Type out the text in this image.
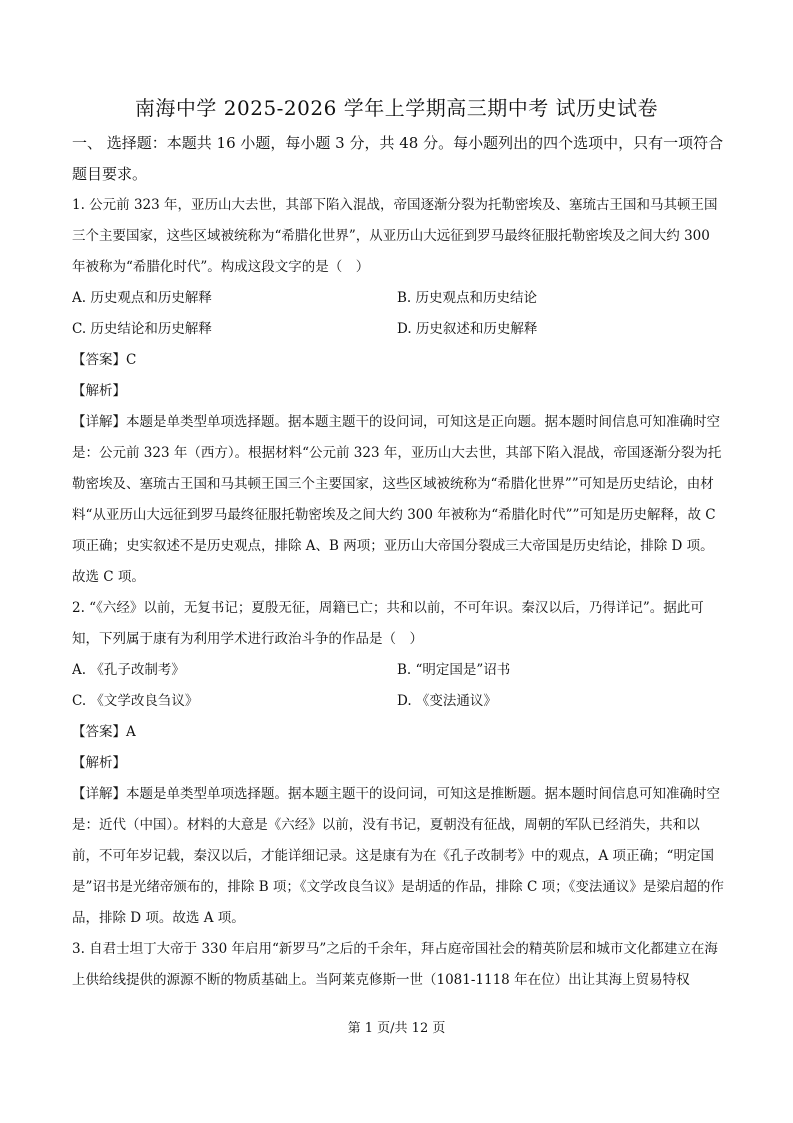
南海中学 2025-2026 学年上学期高三期中考 试历史试卷

一、 选择题：本题共 16 小题，每小题 3 分，共 48 分。每小题列出的四个选项中，只有一项符合题目要求。

1. 公元前 323 年，亚历山大去世，其部下陷入混战，帝国逐渐分裂为托勒密埃及、塞琉古王国和马其顿王国三个主要国家，这些区域被统称为“希腊化世界”，从亚历山大远征到罗马最终征服托勒密埃及之间大约 300 年被称为“希腊化时代”。构成这段文字的是（　）

A. 历史观点和历史解释	B. 历史观点和历史结论
C. 历史结论和历史解释	D. 历史叙述和历史解释

【答案】C

【解析】

【详解】本题是单类型单项选择题。据本题主题干的设问词，可知这是正向题。据本题时间信息可知准确时空是：公元前 323 年（西方）。根据材料“公元前 323 年，亚历山大去世，其部下陷入混战，帝国逐渐分裂为托勒密埃及、塞琉古王国和马其顿王国三个主要国家，这些区域被统称为“希腊化世界””可知是历史结论，由材料“从亚历山大远征到罗马最终征服托勒密埃及之间大约 300 年被称为“希腊化时代””可知是历史解释，故 C 项正确；史实叙述不是历史观点，排除 A、B 两项；亚历山大帝国分裂成三大帝国是历史结论，排除 D 项。故选 C 项。

2. “《六经》以前，无复书记；夏殷无征，周籍已亡；共和以前，不可年识。秦汉以后，乃得详记”。据此可知，下列属于康有为利用学术进行政治斗争的作品是（　）

A. 《孔子改制考》	B. “明定国是”诏书
C. 《文学改良刍议》	D. 《变法通议》

【答案】A

【解析】

【详解】本题是单类型单项选择题。据本题主题干的设问词，可知这是推断题。据本题时间信息可知准确时空是：近代（中国）。材料的大意是《六经》以前，没有书记，夏朝没有征战，周朝的军队已经消失，共和以前，不可年岁记载，秦汉以后，才能详细记录。这是康有为在《孔子改制考》中的观点，A 项正确；“明定国是”诏书是光绪帝颁布的，排除 B 项；《文学改良刍议》是胡适的作品，排除 C 项；《变法通议》是梁启超的作品，排除 D 项。故选 A 项。

3. 自君士坦丁大帝于 330 年启用“新罗马”之后的千余年，拜占庭帝国社会的精英阶层和城市文化都建立在海上供给线提供的源源不断的物质基础上。当阿莱克修斯一世（1081-1118 年在位）出让其海上贸易特权

第 1 页/共 12 页
